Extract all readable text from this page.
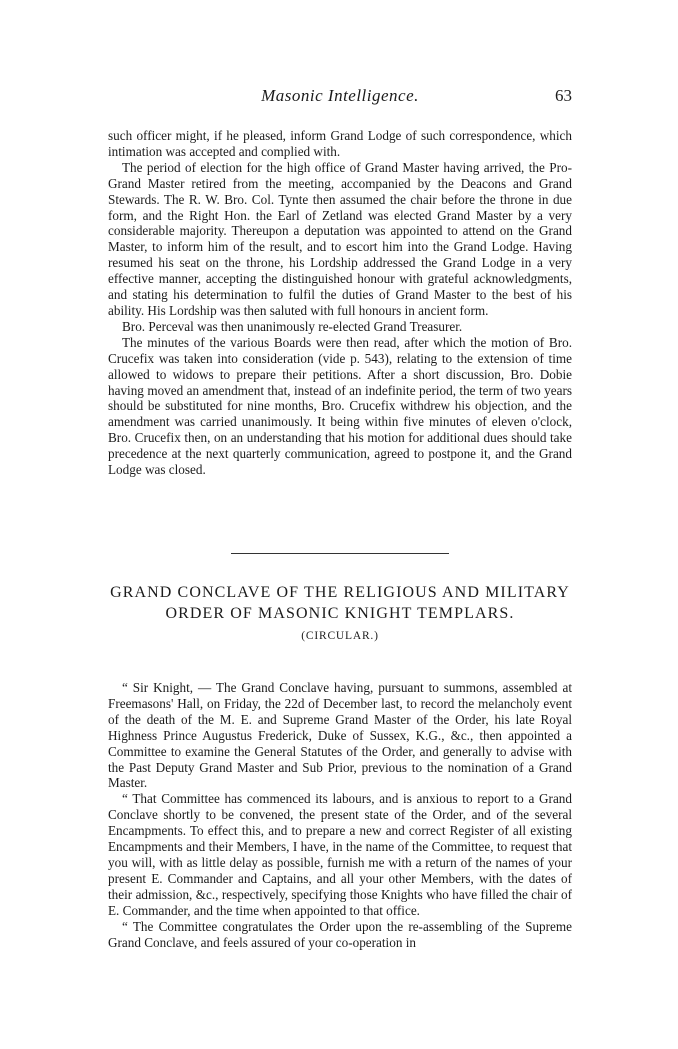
Masonic Intelligence.	63

such officer might, if he pleased, inform Grand Lodge of such correspondence, which intimation was accepted and complied with.

The period of election for the high office of Grand Master having arrived, the Pro-Grand Master retired from the meeting, accompanied by the Deacons and Grand Stewards. The R. W. Bro. Col. Tynte then assumed the chair before the throne in due form, and the Right Hon. the Earl of Zetland was elected Grand Master by a very considerable majority. Thereupon a deputation was appointed to attend on the Grand Master, to inform him of the result, and to escort him into the Grand Lodge. Having resumed his seat on the throne, his Lordship addressed the Grand Lodge in a very effective manner, accepting the distinguished honour with grateful acknowledgments, and stating his determination to fulfil the duties of Grand Master to the best of his ability. His Lordship was then saluted with full honours in ancient form.

Bro. Perceval was then unanimously re-elected Grand Treasurer.

The minutes of the various Boards were then read, after which the motion of Bro. Crucefix was taken into consideration (vide p. 543), relating to the extension of time allowed to widows to prepare their petitions. After a short discussion, Bro. Dobie having moved an amendment that, instead of an indefinite period, the term of two years should be substituted for nine months, Bro. Crucefix withdrew his objection, and the amendment was carried unanimously. It being within five minutes of eleven o'clock, Bro. Crucefix then, on an understanding that his motion for additional dues should take precedence at the next quarterly communication, agreed to postpone it, and the Grand Lodge was closed.

GRAND CONCLAVE OF THE RELIGIOUS AND MILITARY
ORDER OF MASONIC KNIGHT TEMPLARS.
(CIRCULAR.)

“ Sir Knight, — The Grand Conclave having, pursuant to summons, assembled at Freemasons' Hall, on Friday, the 22d of December last, to record the melancholy event of the death of the M. E. and Supreme Grand Master of the Order, his late Royal Highness Prince Augustus Frederick, Duke of Sussex, K.G., &c., then appointed a Committee to examine the General Statutes of the Order, and generally to advise with the Past Deputy Grand Master and Sub Prior, previous to the nomination of a Grand Master.

“ That Committee has commenced its labours, and is anxious to report to a Grand Conclave shortly to be convened, the present state of the Order, and of the several Encampments. To effect this, and to prepare a new and correct Register of all existing Encampments and their Members, I have, in the name of the Committee, to request that you will, with as little delay as possible, furnish me with a return of the names of your present E. Commander and Captains, and all your other Members, with the dates of their admission, &c., respectively, specifying those Knights who have filled the chair of E. Commander, and the time when appointed to that office.

“ The Committee congratulates the Order upon the re-assembling of the Supreme Grand Conclave, and feels assured of your co-operation in
